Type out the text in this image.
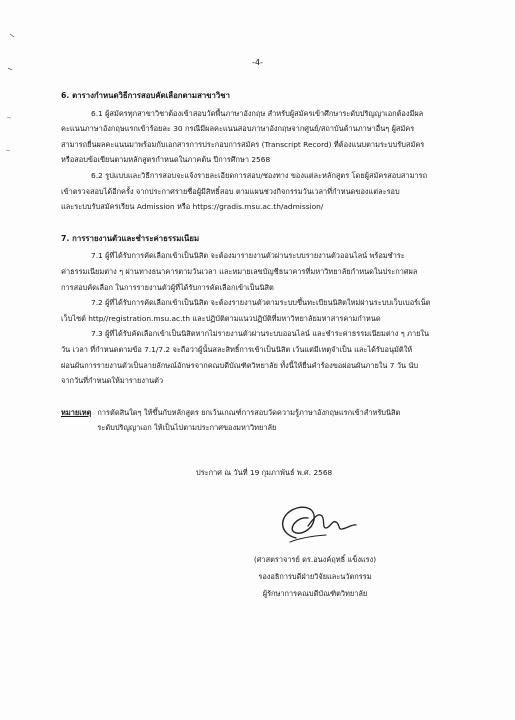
-4-
6. ตารางกำหนดวิธีการสอบคัดเลือกตามสาขาวิชา
6.1 ผู้สมัครทุกสาขาวิชาต้องเข้าสอบวัดพื้นภาษาอังกฤษ สำหรับผู้สมัครเข้าศึกษาระดับปริญญาเอกต้องมีผล
คะแนนภาษาอังกฤษแรกเข้าร้อยละ 30 กรณีมีผลคะแนนสอบภาษาอังกฤษจากศูนย์/สถาบันด้านภาษาอื่นๆ ผู้สมัคร
สามารถยื่นผลคะแนนมาพร้อมกับเอกสารการประกอบการสมัคร (Transcript Record) ที่ต้องแนบตามระบบรับสมัคร
หรือสอบข้อเขียนตามหลักสูตรกำหนดในภาคต้น ปีการศึกษา 2568
6.2 รูปแบบและวิธีการสอบจะแจ้งรายละเอียดการสอบ/ช่องทาง ของแต่ละหลักสูตร โดยผู้สมัครสอบสามารถ
เข้าตรวจสอบได้อีกครั้ง จากประกาศรายชื่อผู้มีสิทธิ์สอบ ตามแผนช่วงกิจกรรมวันเวลาที่กำหนดของแต่ละรอบ
และระบบรับสมัครเรียน Admission หรือ https://gradis.msu.ac.th/admission/
7. การรายงานตัวและชำระค่าธรรมเนียม
7.1 ผู้ที่ได้รับการคัดเลือกเข้าเป็นนิสิต จะต้องมารายงานตัวผ่านระบบรายงานตัวออนไลน์ พร้อมชำระ
ค่าธรรมเนียมต่าง ๆ ผ่านทางธนาคารตามวันเวลา และหมายเลขบัญชีธนาคารที่มหาวิทยาลัยกำหนดในประกาศผล
การสอบคัดเลือก ในการรายงานตัวผู้ที่ได้รับการคัดเลือกเข้าเป็นนิสิต
7.2 ผู้ที่ได้รับการคัดเลือกเข้าเป็นนิสิต จะต้องรายงานตัวตามระบบขึ้นทะเบียนนิสิตใหม่ผ่านระบบเว็บเบอร์เน็ต
เว็บไซต์ http//registration.msu.ac.th และปฏิบัติตามแนวปฏิบัติที่มหาวิทยาลัยมหาสารคามกำหนด
7.3 ผู้ที่ได้รับคัดเลือกเข้าเป็นนิสิตหากไม่รายงานตัวผ่านระบบออนไลน์ และชำระค่าธรรมเนียมต่าง ๆ ภายใน
วัน เวลา ที่กำหนดตามข้อ 7.1/7.2 จะถือว่าผู้นั้นสละสิทธิ์การเข้าเป็นนิสิต เว้นแต่มีเหตุจำเป็น และได้รับอนุมัติให้
ผ่อนผันการรายงานตัวเป็นลายลักษณ์อักษรจากคณบดีบัณฑิตวิทยาลัย ทั้งนี้ให้ยื่นคำร้องขอผ่อนผันภายใน 7 วัน นับ
จากวันที่กำหนดให้มารายงานตัว
หมายเหตุ การตัดสินใดๆ ให้ขึ้นกับหลักสูตร ยกเว้นเกณฑ์การสอบวัดความรู้ภาษาอังกฤษแรกเข้าสำหรับนิสิต
ระดับปริญญาเอก ให้เป็นไปตามประกาศของมหาวิทยาลัย
ประกาศ ณ วันที่ 19 กุมภาพันธ์ พ.ศ. 2568
(ศาสตราจารย์ ดร.อนงค์ฤทธิ์ แข็งแรง)
รองอธิการบดีฝ่ายวิจัยและนวัตกรรม
ผู้รักษาการคณบดีบัณฑิตวิทยาลัย
